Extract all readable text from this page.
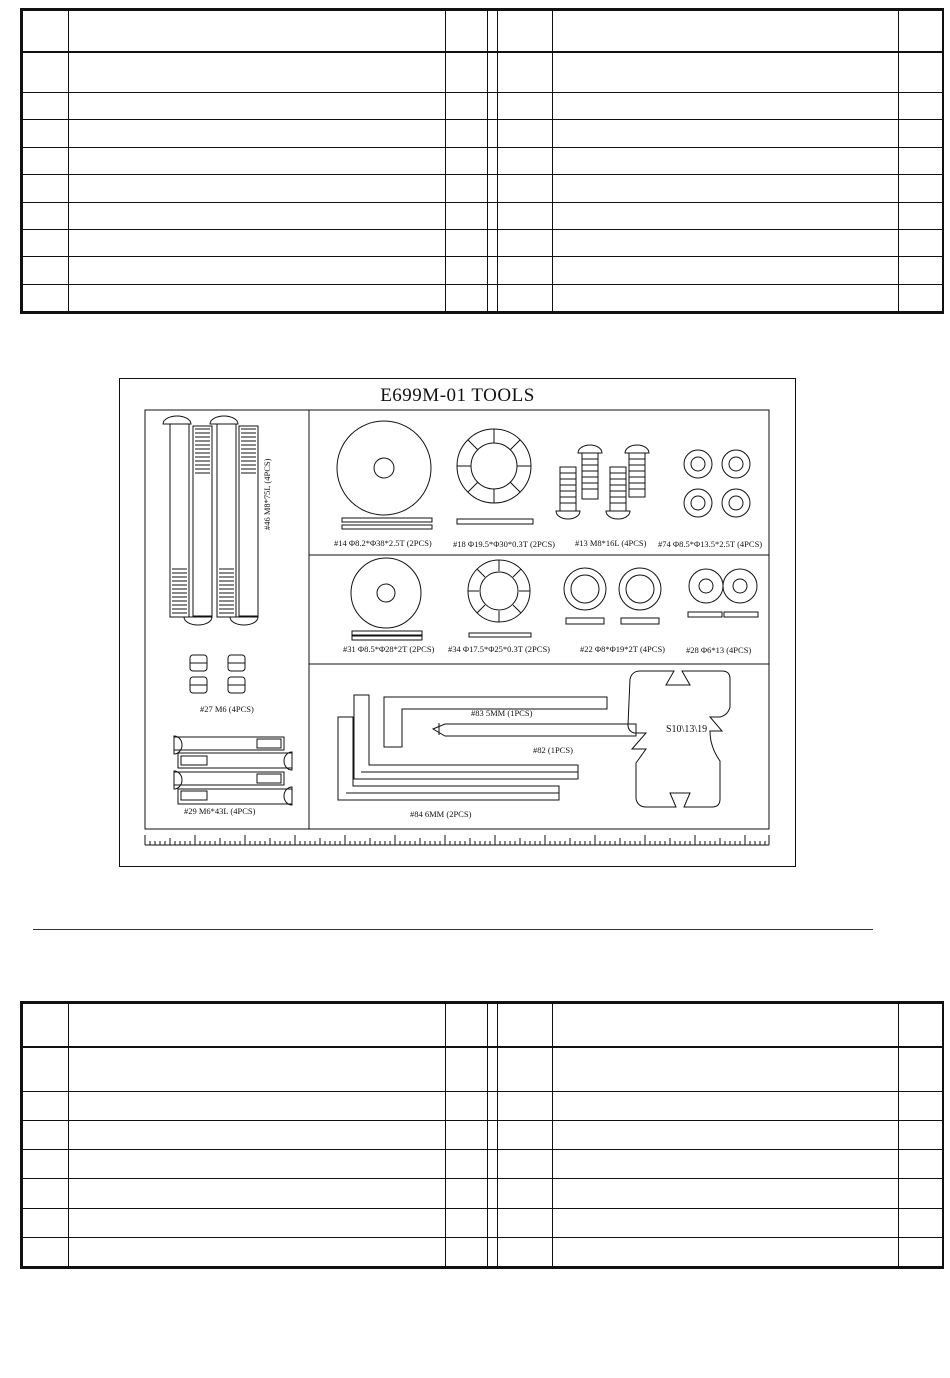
E699M-01 TOOLS
#46 M8*75L (4PCS)
#27 M6 (4PCS)
#29 M6*43L (4PCS)
#14 Φ8.2*Φ38*2.5T (2PCS)	#18 Φ19.5*Φ30*0.3T (2PCS) #13 M8*16L (4PCS) #74 Φ8.5*Φ13.5*2.5T (4PCS)
#31 Φ8.5*Φ28*2T (2PCS) #34 Φ17.5*Φ25*0.3T (2PCS)	#22 Φ8*Φ19*2T (4PCS) #28 Φ6*13 (4PCS)
#83 5MM (1PCS)
#82 (1PCS)
#84 6MM (2PCS)
S10\13\19
